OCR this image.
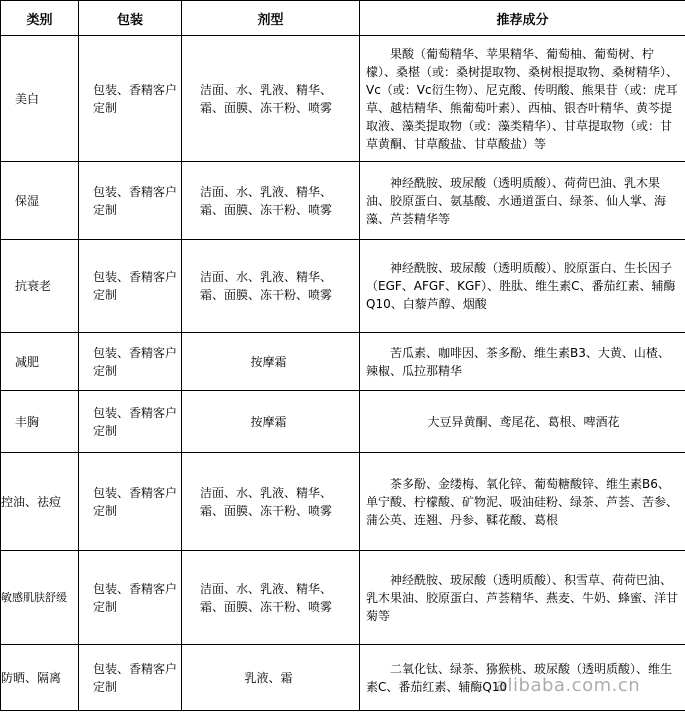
类别	包装	剂型	推荐成分
美白	包装、香精客户定制	洁面、水、乳液、精华、霜、面膜、冻干粉、喷雾	果酸（葡萄精华、苹果精华、葡萄柚、葡萄树、柠檬）、桑椹（或：桑树提取物、桑树根提取物、桑树精华）、Vc（或：Vc衍生物）、尼克酸、传明酸、熊果苷（或：虎耳草、越桔精华、熊葡萄叶素）、西柚、银杏叶精华、黄芩提取液、藻类提取物（或：藻类精华）、甘草提取物（或：甘草黄酮、甘草酸盐、甘草酸盐）等
保湿	包装、香精客户定制	洁面、水、乳液、精华、霜、面膜、冻干粉、喷雾	神经酰胺、玻尿酸（透明质酸）、荷荷巴油、乳木果油、胶原蛋白、氨基酸、水通道蛋白、绿茶、仙人掌、海藻、芦荟精华等
抗衰老	包装、香精客户定制	洁面、水、乳液、精华、霜、面膜、冻干粉、喷雾	神经酰胺、玻尿酸（透明质酸）、胶原蛋白、生长因子（EGF、AFGF、KGF）、胜肽、维生素C、番茄红素、辅酶Q10、白藜芦醇、烟酸
减肥	包装、香精客户定制	按摩霜	苦瓜素、咖啡因、茶多酚、维生素B3、大黄、山楂、辣椒、瓜拉那精华
丰胸	包装、香精客户定制	按摩霜	大豆异黄酮、鸢尾花、葛根、啤酒花
控油、祛痘	包装、香精客户定制	洁面、水、乳液、精华、霜、面膜、冻干粉、喷雾	茶多酚、金缕梅、氧化锌、葡萄糖酸锌、维生素B6、单宁酸、柠檬酸、矿物泥、吸油硅粉、绿茶、芦荟、苦参、蒲公英、连翘、丹参、鞣花酸、葛根
敏感肌肤舒缓	包装、香精客户定制	洁面、水、乳液、精华、霜、面膜、冻干粉、喷雾	神经酰胺、玻尿酸（透明质酸）、积雪草、荷荷巴油、乳木果油、胶原蛋白、芦荟精华、燕麦、牛奶、蜂蜜、洋甘菊等
防晒、隔离	包装、香精客户定制	乳液、霜	二氧化钛、绿茶、猕猴桃、玻尿酸（透明质酸）、维生素C、番茄红素、辅酶Q10
alibaba.com.cn
